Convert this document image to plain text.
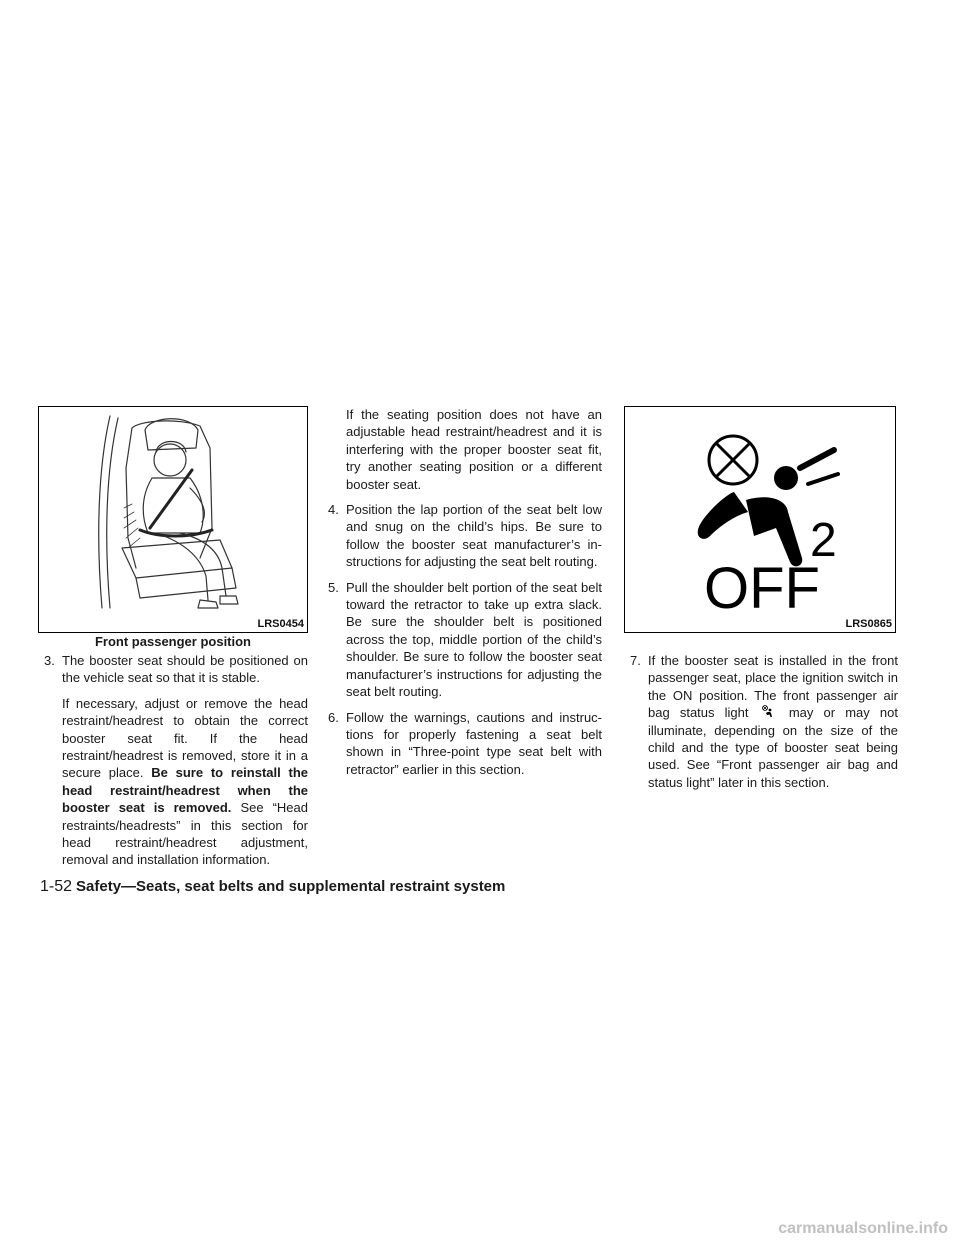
LRS0454
Front passenger position

3. The booster seat should be positioned on the vehicle seat so that it is stable.

If necessary, adjust or remove the head restraint/headrest to obtain the correct booster seat fit. If the head restraint/headrest is removed, store it in a secure place. Be sure to reinstall the head restraint/headrest when the booster seat is removed. See “Head restraints/headrests” in this section for head restraint/headrest adjustment, removal and installation information.

If the seating position does not have an adjustable head restraint/headrest and it is interfering with the proper booster seat fit, try another seating position or a different booster seat.

4. Position the lap portion of the seat belt low and snug on the child’s hips. Be sure to follow the booster seat manufacturer’s in- structions for adjusting the seat belt routing.

5. Pull the shoulder belt portion of the seat belt toward the retractor to take up extra slack. Be sure the shoulder belt is positioned across the top, middle portion of the child’s shoulder. Be sure to follow the booster seat manufacturer’s instructions for adjusting the seat belt routing.

6. Follow the warnings, cautions and instruc- tions for properly fastening a seat belt shown in “Three-point type seat belt with retractor” earlier in this section.

2
OFF
LRS0865

7. If the booster seat is installed in the front passenger seat, place the ignition switch in the ON position. The front passenger air bag status light	may or may not illuminate, depending on the size of the child and the type of booster seat being used. See “Front passenger air bag and status light” later in this section.

1-52 Safety—Seats, seat belts and supplemental restraint system
carmanualsonline.info
